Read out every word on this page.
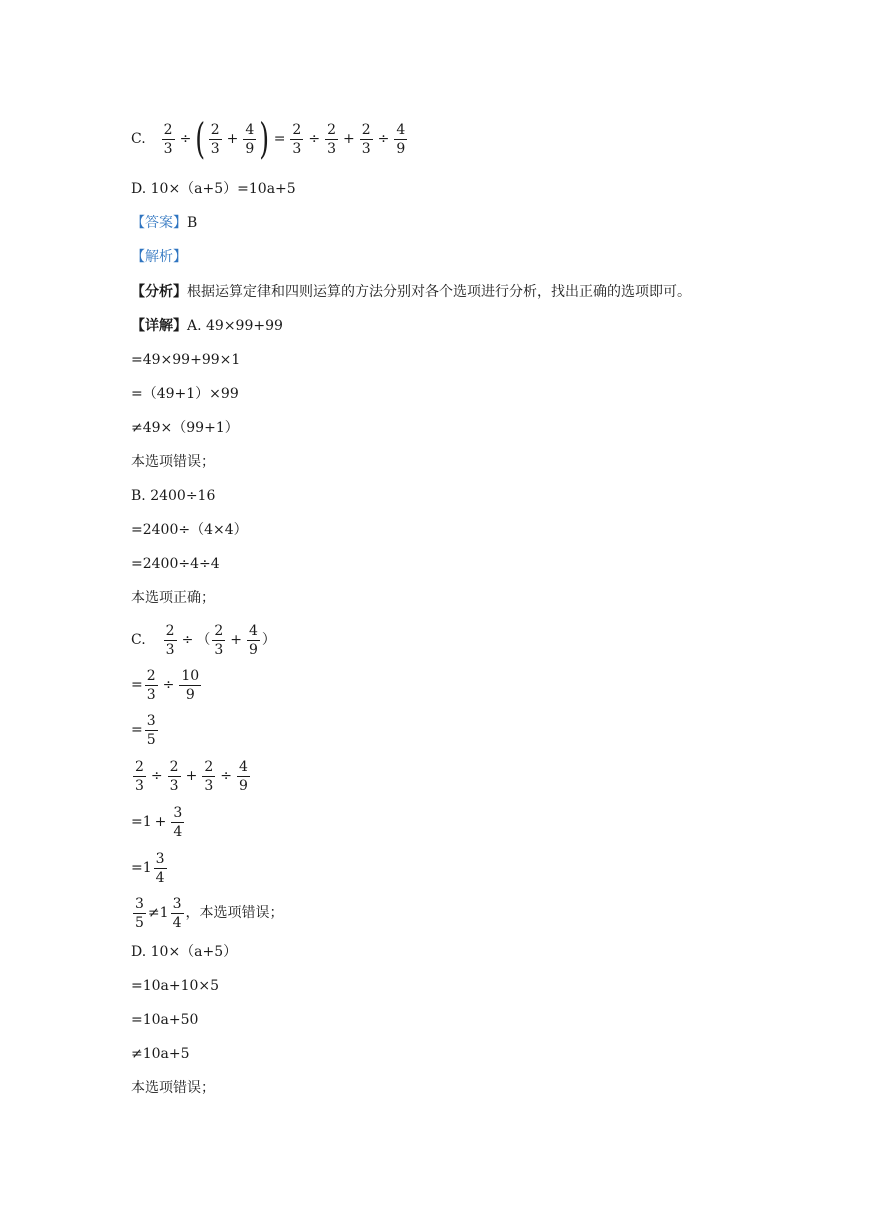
C. $\frac{2}{3}$ ÷ ( $\frac{2}{3} + \frac{4}{9}$ ) = $\frac{2}{3} \div \frac{2}{3} + \frac{2}{3} \div \frac{4}{9}$
D. 10×（a+5）=10a+5
【答案】 B
【解析】
【分析】 根据运算定律和四则运算的方法分别对各个选项进行分析，找出正确的选项即可。
【详解】 A. 49×99+99
=49×99+99×1
=（49+1）×99
≠49×（99+1）
本选项错误；
B. 2400÷16
=2400÷（4×4）
=2400÷4÷4
本选项正确；
C. $\frac{2}{3}$ ÷ （ $\frac{2}{3} + \frac{4}{9}$ ）
= $\frac{2}{3} \div \frac{10}{9}$
= $\frac{3}{5}$
$\frac{2}{3} \div \frac{2}{3} + \frac{2}{3} \div \frac{4}{9}$
$=1 + \frac{3}{4}$
$=1 \frac{3}{4}$
$\frac{3}{5} \ne 1 \frac{3}{4}$ ，本选项错误；
D. 10×（a+5）
=10a+10×5
=10a+50
≠10a+5
本选项错误；
